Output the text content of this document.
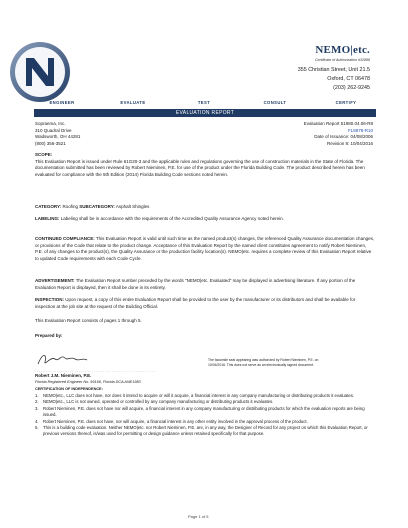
NEMO|etc.
Certificate of Authorization #32888
355 Christian Street, Unit 21.5
Oxford, CT 06478
(203) 262-9245
ENGINEER	EVALUATE	TEST	CONSULT	CERTIFY
EVALUATION REPORT
Sopraema, Inc.
310 Quadral Drive
Wadsworth, OH 44281
(800) 356-3521
Evaluation Report 51980.04.06-R8
FL8878-R10
Date of Issuance: 04/08/2006
Revision 8: 10/04/2016
SCOPE:
This Evaluation Report is issued under Rule 61G20-3 and the applicable rules and regulations governing the use of construction materials in the State of Florida. The documentation submitted has been reviewed by Robert Nieminen, P.E. for use of the product under the Florida Building Code. The product described herein has been evaluated for compliance with the 5th Edition (2014) Florida Building Code sections noted herein.
CATEGORY: Roofing SUBCATEGORY: Asphalt Shingles
LABELING: Labeling shall be in accordance with the requirements of the Accredited Quality Assurance Agency noted herein.
CONTINUED COMPLIANCE: This Evaluation Report is valid until such time as the named product(s) changes, the referenced Quality Assurance documentation changes, or provisions of the Code that relate to the product change. Acceptance of this Evaluation Report by the named client constitutes agreement to notify Robert Nieminen, P.E. of any changes to the product(s), the Quality Assurance or the production facility location(s). NEMO|etc. requires a complete review of this Evaluation Report relative to updated Code requirements with each Code Cycle.
ADVERTISEMENT: The Evaluation Report number preceded by the words "NEMO|etc. Evaluated" may be displayed in advertising literature. If any portion of the Evaluation Report is displayed, then it shall be done in its entirety.
INSPECTION: Upon request, a copy of this entire Evaluation Report shall be provided to the user by the manufacturer or its distributors and shall be available for inspection at the job site at the request of the Building Official.
This Evaluation Report consists of pages 1 through 5.
Prepared by:
The facsimile seal appearing was authorized by Robert Nieminen, P.E. on 10/04/2016. This does not serve as an electronically signed document.
··································································
Robert J.M. Nieminen, P.E.
Florida Registered Engineer No. 59166, Florida DCA ANE1983
CERTIFICATION OF INDEPENDENCE:
1.	NEMO|etc., LLC does not have, nor does it intend to acquire or will it acquire, a financial interest in any company manufacturing or distributing products it evaluates.
2.	NEMO|etc., LLC is not owned, operated or controlled by any company manufacturing or distributing products it evaluates.
3.	Robert Nieminen, P.E. does not have nor will acquire, a financial interest in any company manufacturing or distributing products for which the evaluation reports are being issued.
4.	Robert Nieminen, P.E. does not have, nor will acquire, a financial interest in any other entity involved in the approval process of the product.
5.	This is a building code evaluation. Neither NEMO|etc. nor Robert Nieminen, P.E. are, in any way, the Designer of Record for any project on which this Evaluation Report, or previous versions thereof, is/was used for permitting or design guidance unless retained specifically for that purpose.
Page 1 of 5
